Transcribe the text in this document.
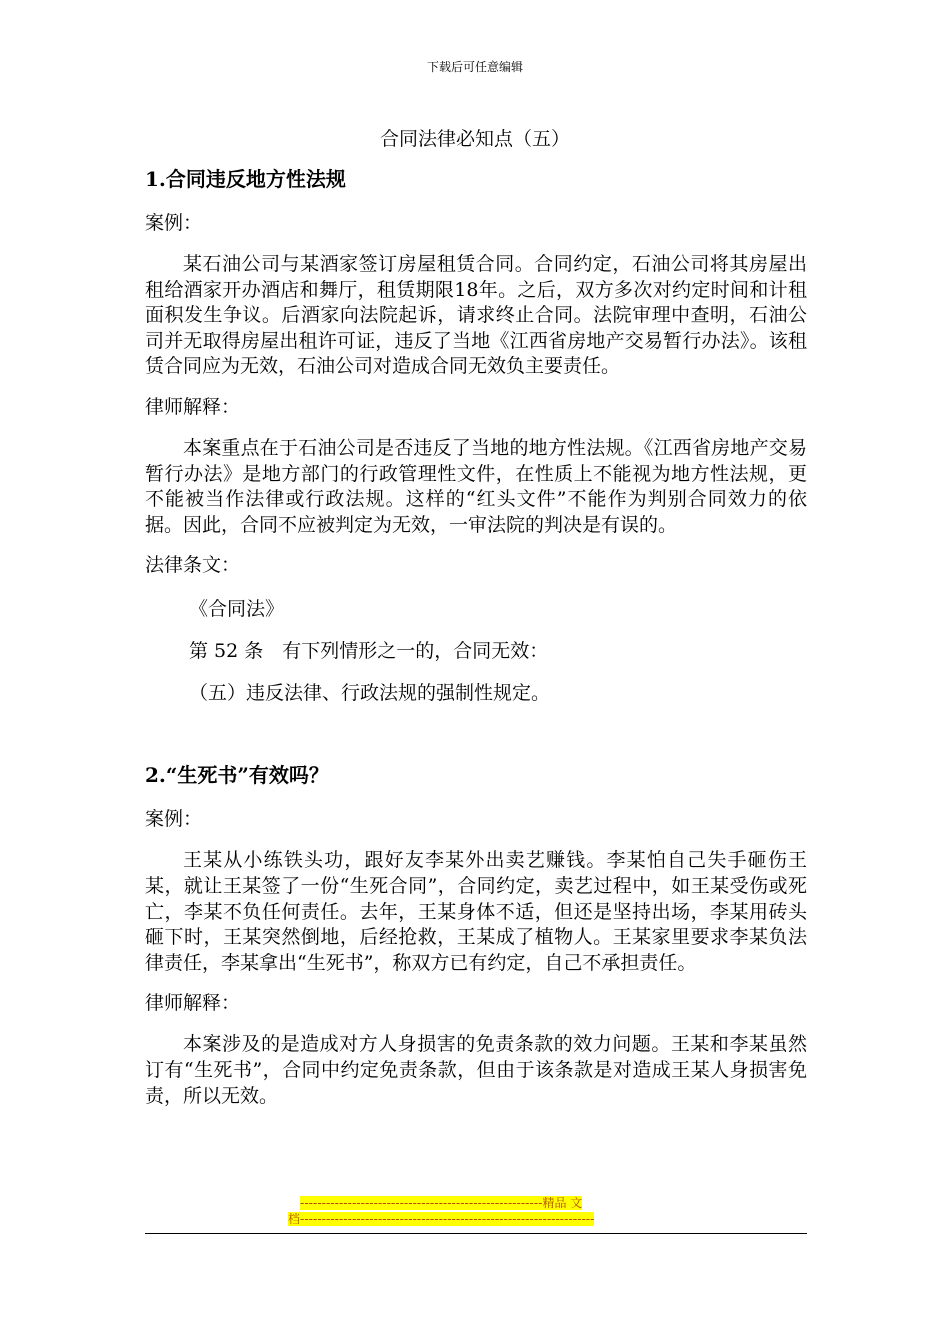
下载后可任意编辑
合同法律必知点（五）

1.合同违反地方性法规

案例：

某石油公司与某酒家签订房屋租赁合同。合同约定，石油公司将其房屋出租给酒家开办酒店和舞厅，租赁期限18年。之后，双方多次对约定时间和计租面积发生争议。后酒家向法院起诉，请求终止合同。法院审理中查明，石油公司并无取得房屋出租许可证，违反了当地《江西省房地产交易暂行办法》。该租赁合同应为无效，石油公司对造成合同无效负主要责任。

律师解释：

本案重点在于石油公司是否违反了当地的地方性法规。《江西省房地产交易暂行办法》是地方部门的行政管理性文件，在性质上不能视为地方性法规，更不能被当作法律或行政法规。这样的“红头文件”不能作为判别合同效力的依据。因此，合同不应被判定为无效，一审法院的判决是有误的。

法律条文：

《合同法》

第 52 条　有下列情形之一的，合同无效：

（五）违反法律、行政法规的强制性规定。

2.“生死书”有效吗？

案例：

王某从小练铁头功，跟好友李某外出卖艺赚钱。李某怕自己失手砸伤王某，就让王某签了一份“生死合同”，合同约定，卖艺过程中，如王某受伤或死亡，李某不负任何责任。去年，王某身体不适，但还是坚持出场，李某用砖头砸下时，王某突然倒地，后经抢救，王某成了植物人。王某家里要求李某负法律责任，李某拿出“生死书”，称双方已有约定，自己不承担责任。

律师解释：

本案涉及的是造成对方人身损害的免责条款的效力问题。王某和李某虽然订有“生死书”，合同中约定免责条款，但由于该条款是对造成王某人身损害免责，所以无效。

--------------------------------------------------------精品 文
档--------------------------------------------------------------------
